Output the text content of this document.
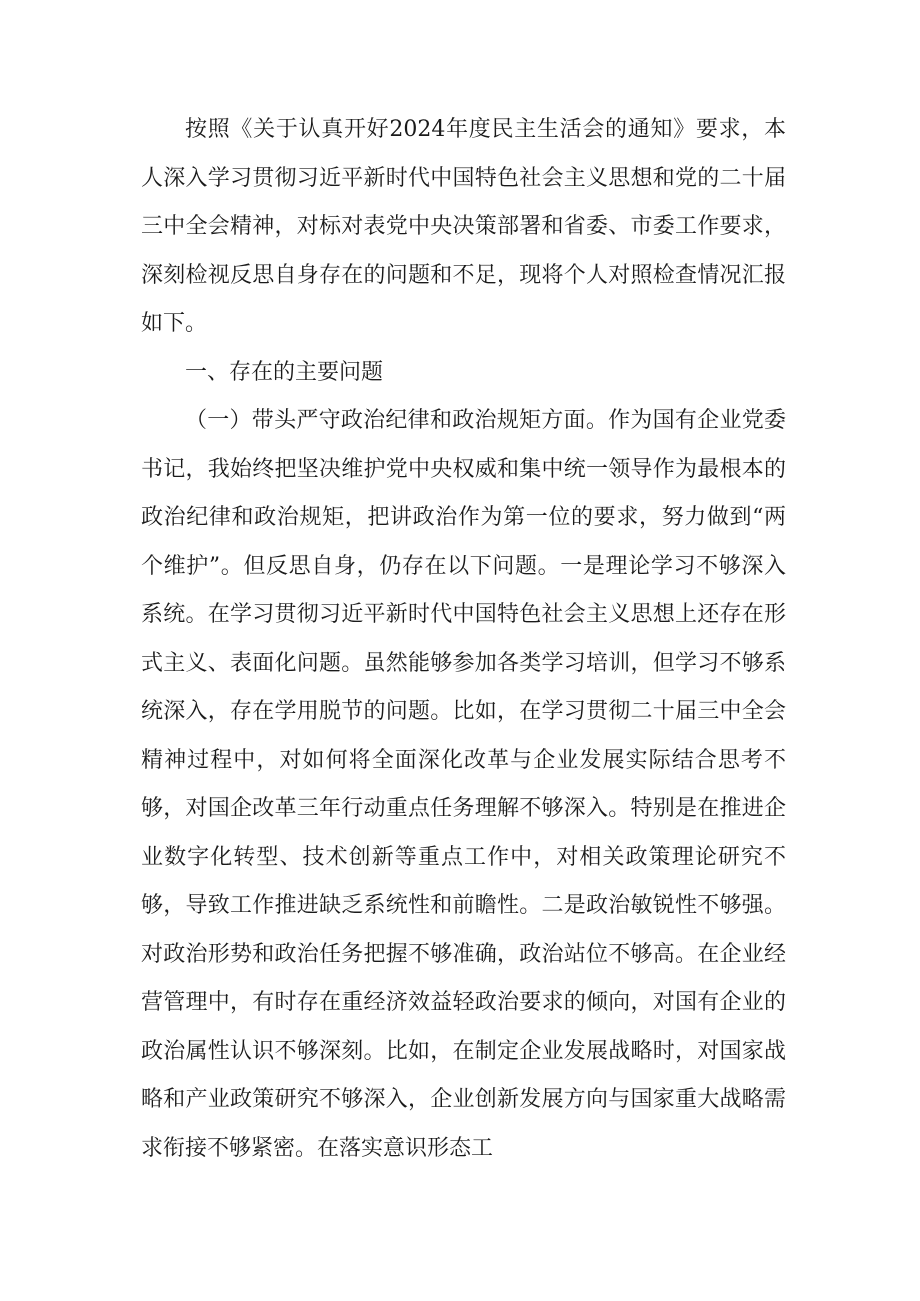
按照《关于认真开好2024年度民主生活会的通知》要求，本人深入学习贯彻习近平新时代中国特色社会主义思想和党的二十届三中全会精神，对标对表党中央决策部署和省委、市委工作要求，深刻检视反思自身存在的问题和不足，现将个人对照检查情况汇报如下。

一、存在的主要问题

（一）带头严守政治纪律和政治规矩方面。作为国有企业党委书记，我始终把坚决维护党中央权威和集中统一领导作为最根本的政治纪律和政治规矩，把讲政治作为第一位的要求，努力做到“两个维护”。但反思自身，仍存在以下问题。一是理论学习不够深入系统。在学习贯彻习近平新时代中国特色社会主义思想上还存在形式主义、表面化问题。虽然能够参加各类学习培训，但学习不够系统深入，存在学用脱节的问题。比如，在学习贯彻二十届三中全会精神过程中，对如何将全面深化改革与企业发展实际结合思考不够，对国企改革三年行动重点任务理解不够深入。特别是在推进企业数字化转型、技术创新等重点工作中，对相关政策理论研究不够，导致工作推进缺乏系统性和前瞻性。二是政治敏锐性不够强。对政治形势和政治任务把握不够准确，政治站位不够高。在企业经营管理中，有时存在重经济效益轻政治要求的倾向，对国有企业的政治属性认识不够深刻。比如，在制定企业发展战略时，对国家战略和产业政策研究不够深入，企业创新发展方向与国家重大战略需求衔接不够紧密。在落实意识形态工
